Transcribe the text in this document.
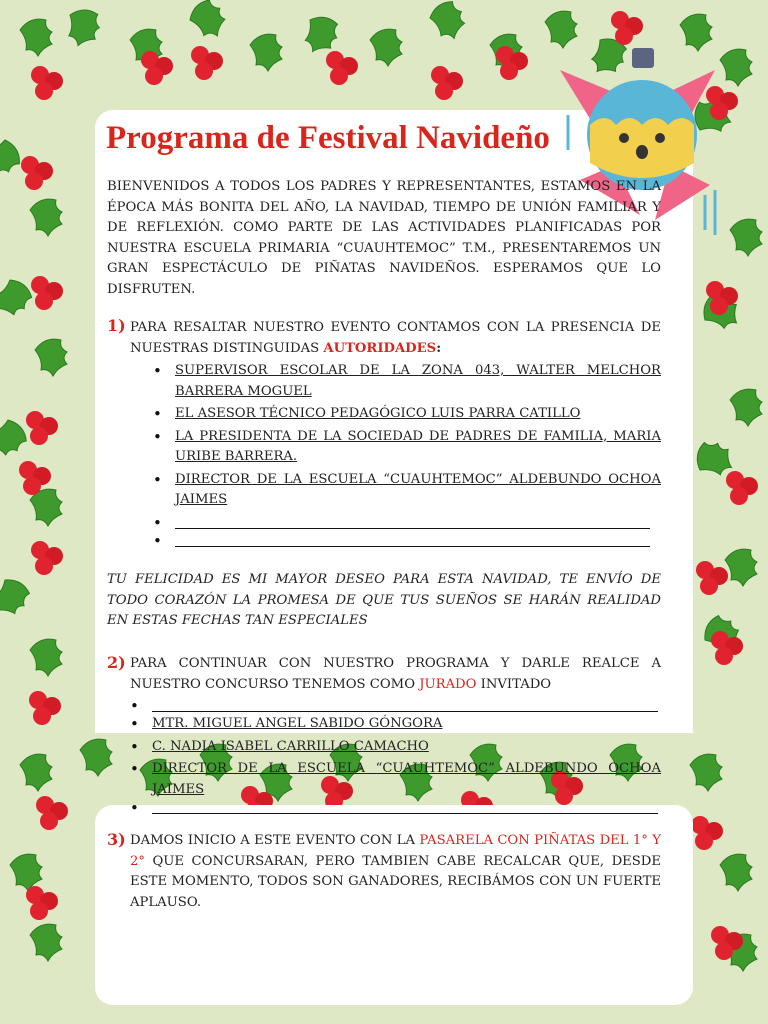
Programa de Festival Navideño
BIENVENIDOS A TODOS LOS PADRES Y REPRESENTANTES, ESTAMOS EN LA ÉPOCA MÁS BONITA DEL AÑO, LA NAVIDAD, TIEMPO DE UNIÓN FAMILIAR Y DE REFLEXIÓN. COMO PARTE DE LAS ACTIVIDADES PLANIFICADAS POR NUESTRA ESCUELA PRIMARIA “CUAUHTEMOC” T.M., PRESENTAREMOS UN GRAN ESPECTÁCULO DE PIÑATAS NAVIDEÑOS. ESPERAMOS QUE LO DISFRUTEN.
1) PARA RESALTAR NUESTRO EVENTO CONTAMOS CON LA PRESENCIA DE NUESTRAS DISTINGUIDAS AUTORIDADES:
• SUPERVISOR ESCOLAR DE LA ZONA 043, WALTER MELCHOR BARRERA MOGUEL
• EL ASESOR TÉCNICO PEDAGÓGICO LUIS PARRA CATILLO
• LA PRESIDENTA DE LA SOCIEDAD DE PADRES DE FAMILIA, MARIA URIBE BARRERA.
• DIRECTOR DE LA ESCUELA “CUAUHTEMOC” ALDEBUNDO OCHOA JAIMES
•
•
TU FELICIDAD ES MI MAYOR DESEO PARA ESTA NAVIDAD, TE ENVÍO DE TODO CORAZÓN LA PROMESA DE QUE TUS SUEÑOS SE HARÁN REALIDAD EN ESTAS FECHAS TAN ESPECIALES
2) PARA CONTINUAR CON NUESTRO PROGRAMA Y DARLE REALCE A NUESTRO CONCURSO TENEMOS COMO JURADO INVITADO
•
• MTR. MIGUEL ANGEL SABIDO GÓNGORA
• C. NADIA ISABEL CARRILLO CAMACHO
• DIRECTOR DE LA ESCUELA “CUAUHTEMOC” ALDEBUNDO OCHOA JAIMES
•
3) DAMOS INICIO A ESTE EVENTO CON LA PASARELA CON PIÑATAS DEL 1° Y 2° QUE CONCURSARAN, PERO TAMBIEN CABE RECALCAR QUE, DESDE ESTE MOMENTO, TODOS SON GANADORES, RECIBÁMOS CON UN FUERTE APLAUSO.
